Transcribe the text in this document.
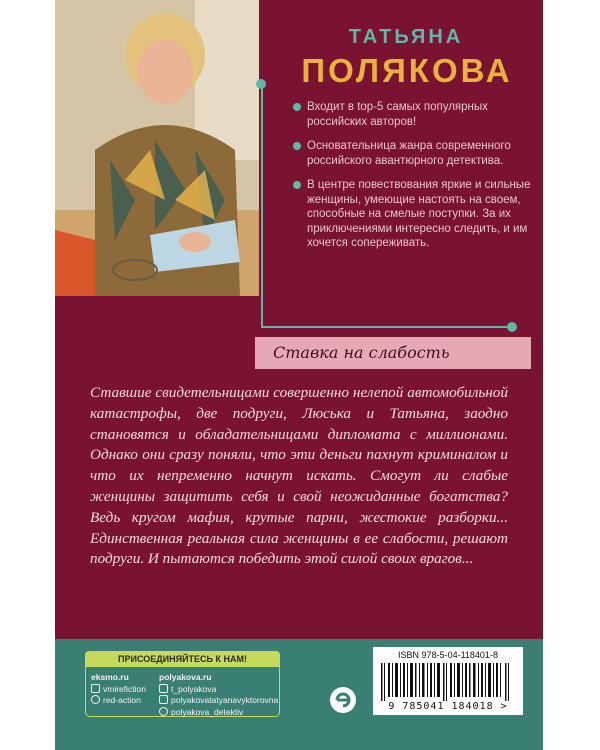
ТАТЬЯНА
ПОЛЯКОВА
Входит в top-5 самых популярных российских авторов!
Основательница жанра современного российского авантюрного детектива.
В центре повествования яркие и сильные женщины, умеющие настоять на своем, способные на смелые поступки. За их приключениями интересно следить, и им хочется сопереживать.
Ставка на слабость

Ставшие свидетельницами совершенно нелепой автомобильной катастрофы, две подруги, Люська и Татьяна, заодно становятся и обладательницами дипломата с миллионами. Однако они сразу поняли, что эти деньги пахнут криминалом и что их непременно начнут искать. Смогут ли слабые женщины защитить себя и свой неожиданные богатства? Ведь кругом мафия, крутые парни, жестокие разборки... Единственная реальная сила женщины в ее слабости, решают подруги. И пытаются победить этой силой своих врагов...

ПРИСОЕДИНЯЙТЕСЬ К НАМ!
eksmo.ru
vmirefiction
red-action
polyakova.ru
t_polyakova
polyakovatatyanavyktorovna
polyakova_detektiv
ISBN 978-5-04-118401-8
9 785041 184018 >
